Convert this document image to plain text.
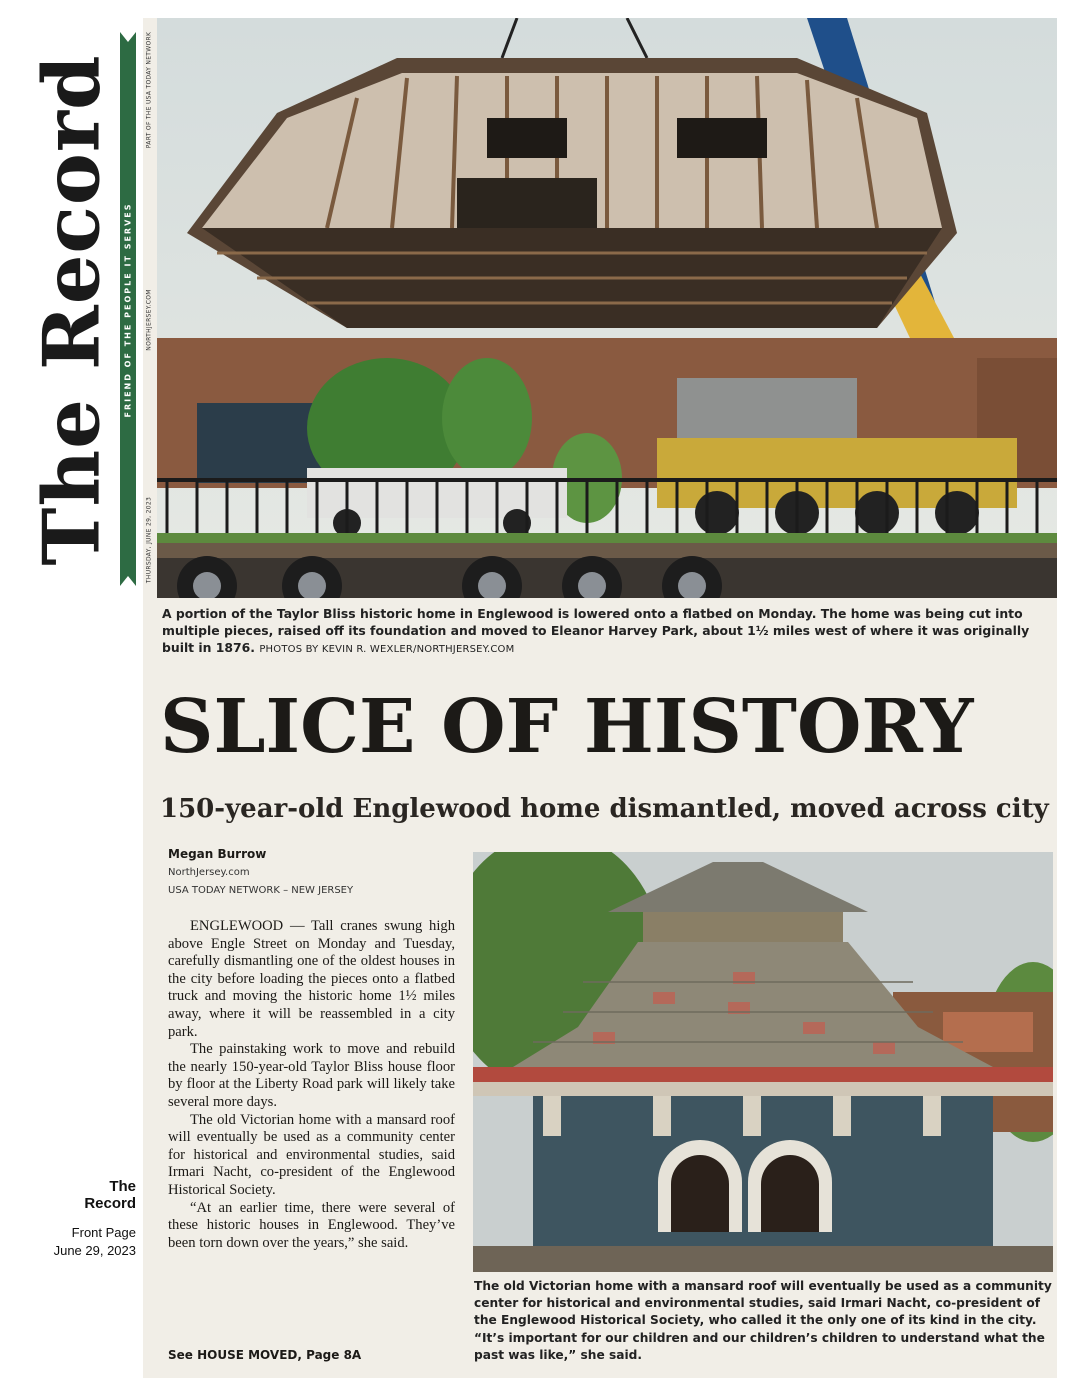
The Record FRIEND OF THE PEOPLE IT SERVES
PART OF THE USA TODAY NETWORK
NORTHJERSEY.COM
THURSDAY, JUNE 29, 2023
A portion of the Taylor Bliss historic home in Englewood is lowered onto a flatbed on Monday. The home was being cut into multiple pieces, raised off its foundation and moved to Eleanor Harvey Park, about 1½ miles west of where it was originally built in 1876. PHOTOS BY KEVIN R. WEXLER/NORTHJERSEY.COM
SLICE OF HISTORY
150-year-old Englewood home dismantled, moved across city
Megan Burrow
NorthJersey.com
USA TODAY NETWORK – NEW JERSEY

ENGLEWOOD — Tall cranes swung high above Engle Street on Monday and Tuesday, carefully dismantling one of the oldest houses in the city before loading the pieces onto a flatbed truck and moving the historic home 1½ miles away, where it will be reassembled in a city park.

The painstaking work to move and rebuild the nearly 150-year-old Taylor Bliss house floor by floor at the Liberty Road park will likely take several more days.

The old Victorian home with a mansard roof will eventually be used as a community center for historical and environmental studies, said Irmari Nacht, co-president of the Englewood Historical Society.

“At an earlier time, there were several of these historic houses in Englewood. They’ve been torn down over the years,” she said.

See HOUSE MOVED, Page 8A
The old Victorian home with a mansard roof will eventually be used as a community center for historical and environmental studies, said Irmari Nacht, co-president of the Englewood Historical Society, who called it the only one of its kind in the city. “It’s important for our children and our children’s children to understand what the past was like,” she said.
The
Record
Front Page
June 29, 2023
